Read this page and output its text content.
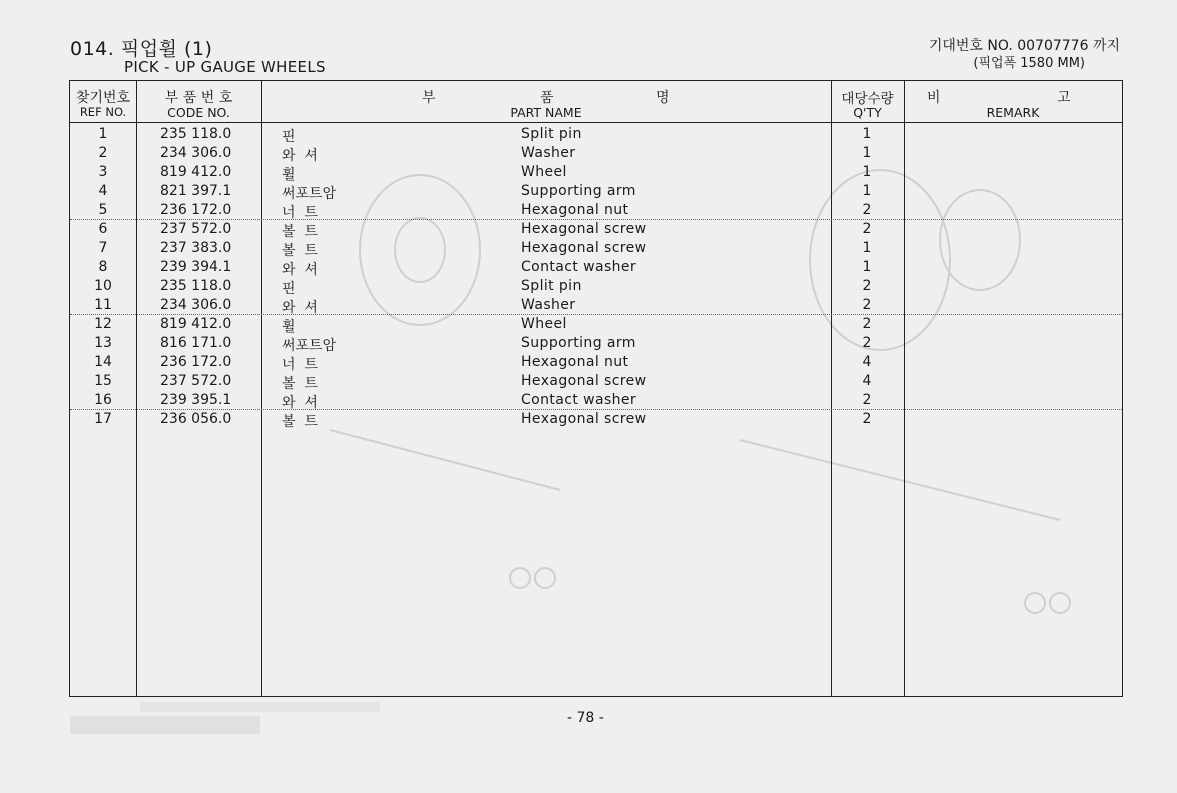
014. 픽업휠 (1)
PICK - UP GAUGE WHEELS
기대번호 NO. 00707776 까지
(픽업폭 1580 MM)
찾기번호
REF NO.
부 품 번 호
CODE NO.
부	품	명
PART NAME
대당수량
Q'TY
비	고
REMARK
1	235 118.0	핀	Split pin	1
2	234 306.0	와  셔	Washer	1
3	819 412.0	휠	Wheel	1
4	821 397.1	써포트암	Supporting arm	1
5	236 172.0	너  트	Hexagonal nut	2
6	237 572.0	볼  트	Hexagonal screw	2
7	237 383.0	볼  트	Hexagonal screw	1
8	239 394.1	와  셔	Contact washer	1
10	235 118.0	핀	Split pin	2
11	234 306.0	와  셔	Washer	2
12	819 412.0	휠	Wheel	2
13	816 171.0	써포트암	Supporting arm	2
14	236 172.0	너  트	Hexagonal nut	4
15	237 572.0	볼  트	Hexagonal screw	4
16	239 395.1	와  셔	Contact washer	2
17	236 056.0	볼  트	Hexagonal screw	2
- 78 -
